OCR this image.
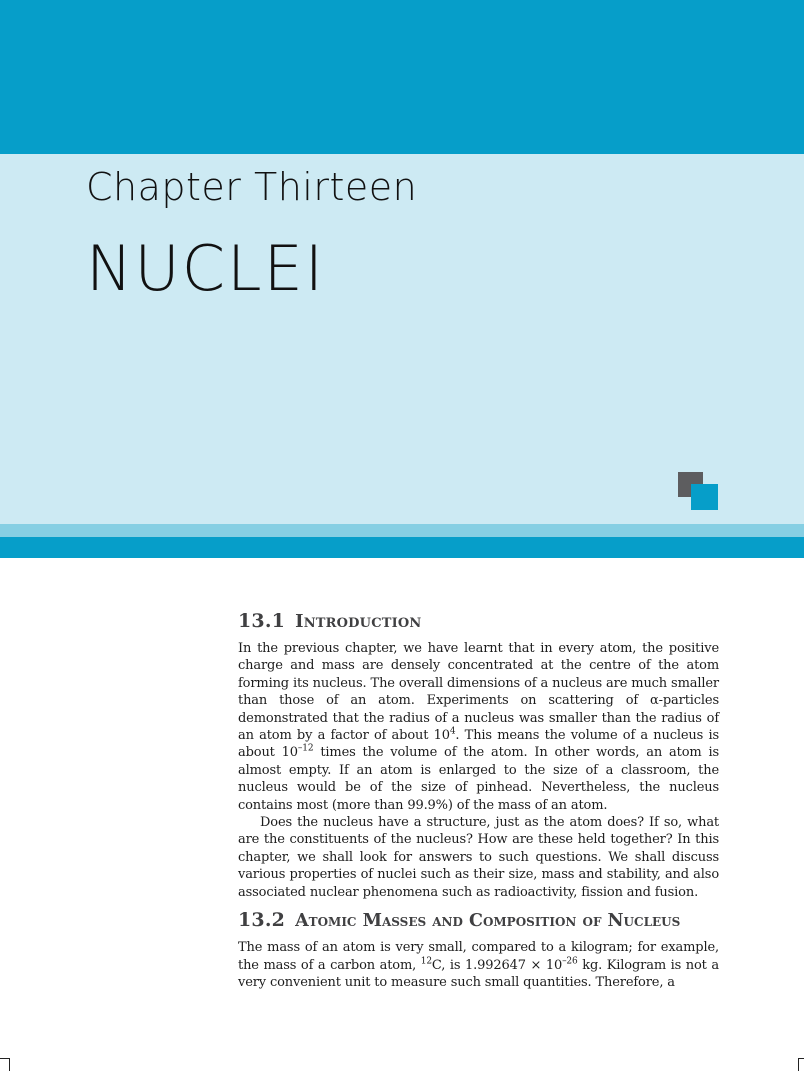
Chapter Thirteen
NUCLEI
13.1 Introduction

In the previous chapter, we have learnt that in every atom, the positive charge and mass are densely concentrated at the centre of the atom forming its nucleus. The overall dimensions of a nucleus are much smaller than those of an atom. Experiments on scattering of α-particles demonstrated that the radius of a nucleus was smaller than the radius of an atom by a factor of about $10^4$. This means the volume of a nucleus is about $10^{-12}$ times the volume of the atom. In other words, an atom is almost empty. If an atom is enlarged to the size of a classroom, the nucleus would be of the size of pinhead. Nevertheless, the nucleus contains most (more than 99.9%) of the mass of an atom.

Does the nucleus have a structure, just as the atom does? If so, what are the constituents of the nucleus? How are these held together? In this chapter, we shall look for answers to such questions. We shall discuss various properties of nuclei such as their size, mass and stability, and also associated nuclear phenomena such as radioactivity, fission and fusion.

13.2 Atomic Masses and Composition of Nucleus

The mass of an atom is very small, compared to a kilogram; for example, the mass of a carbon atom, $^{12}$C, is $1.992647 \times 10^{-26}$ kg. Kilogram is not a very convenient unit to measure such small quantities. Therefore, a
